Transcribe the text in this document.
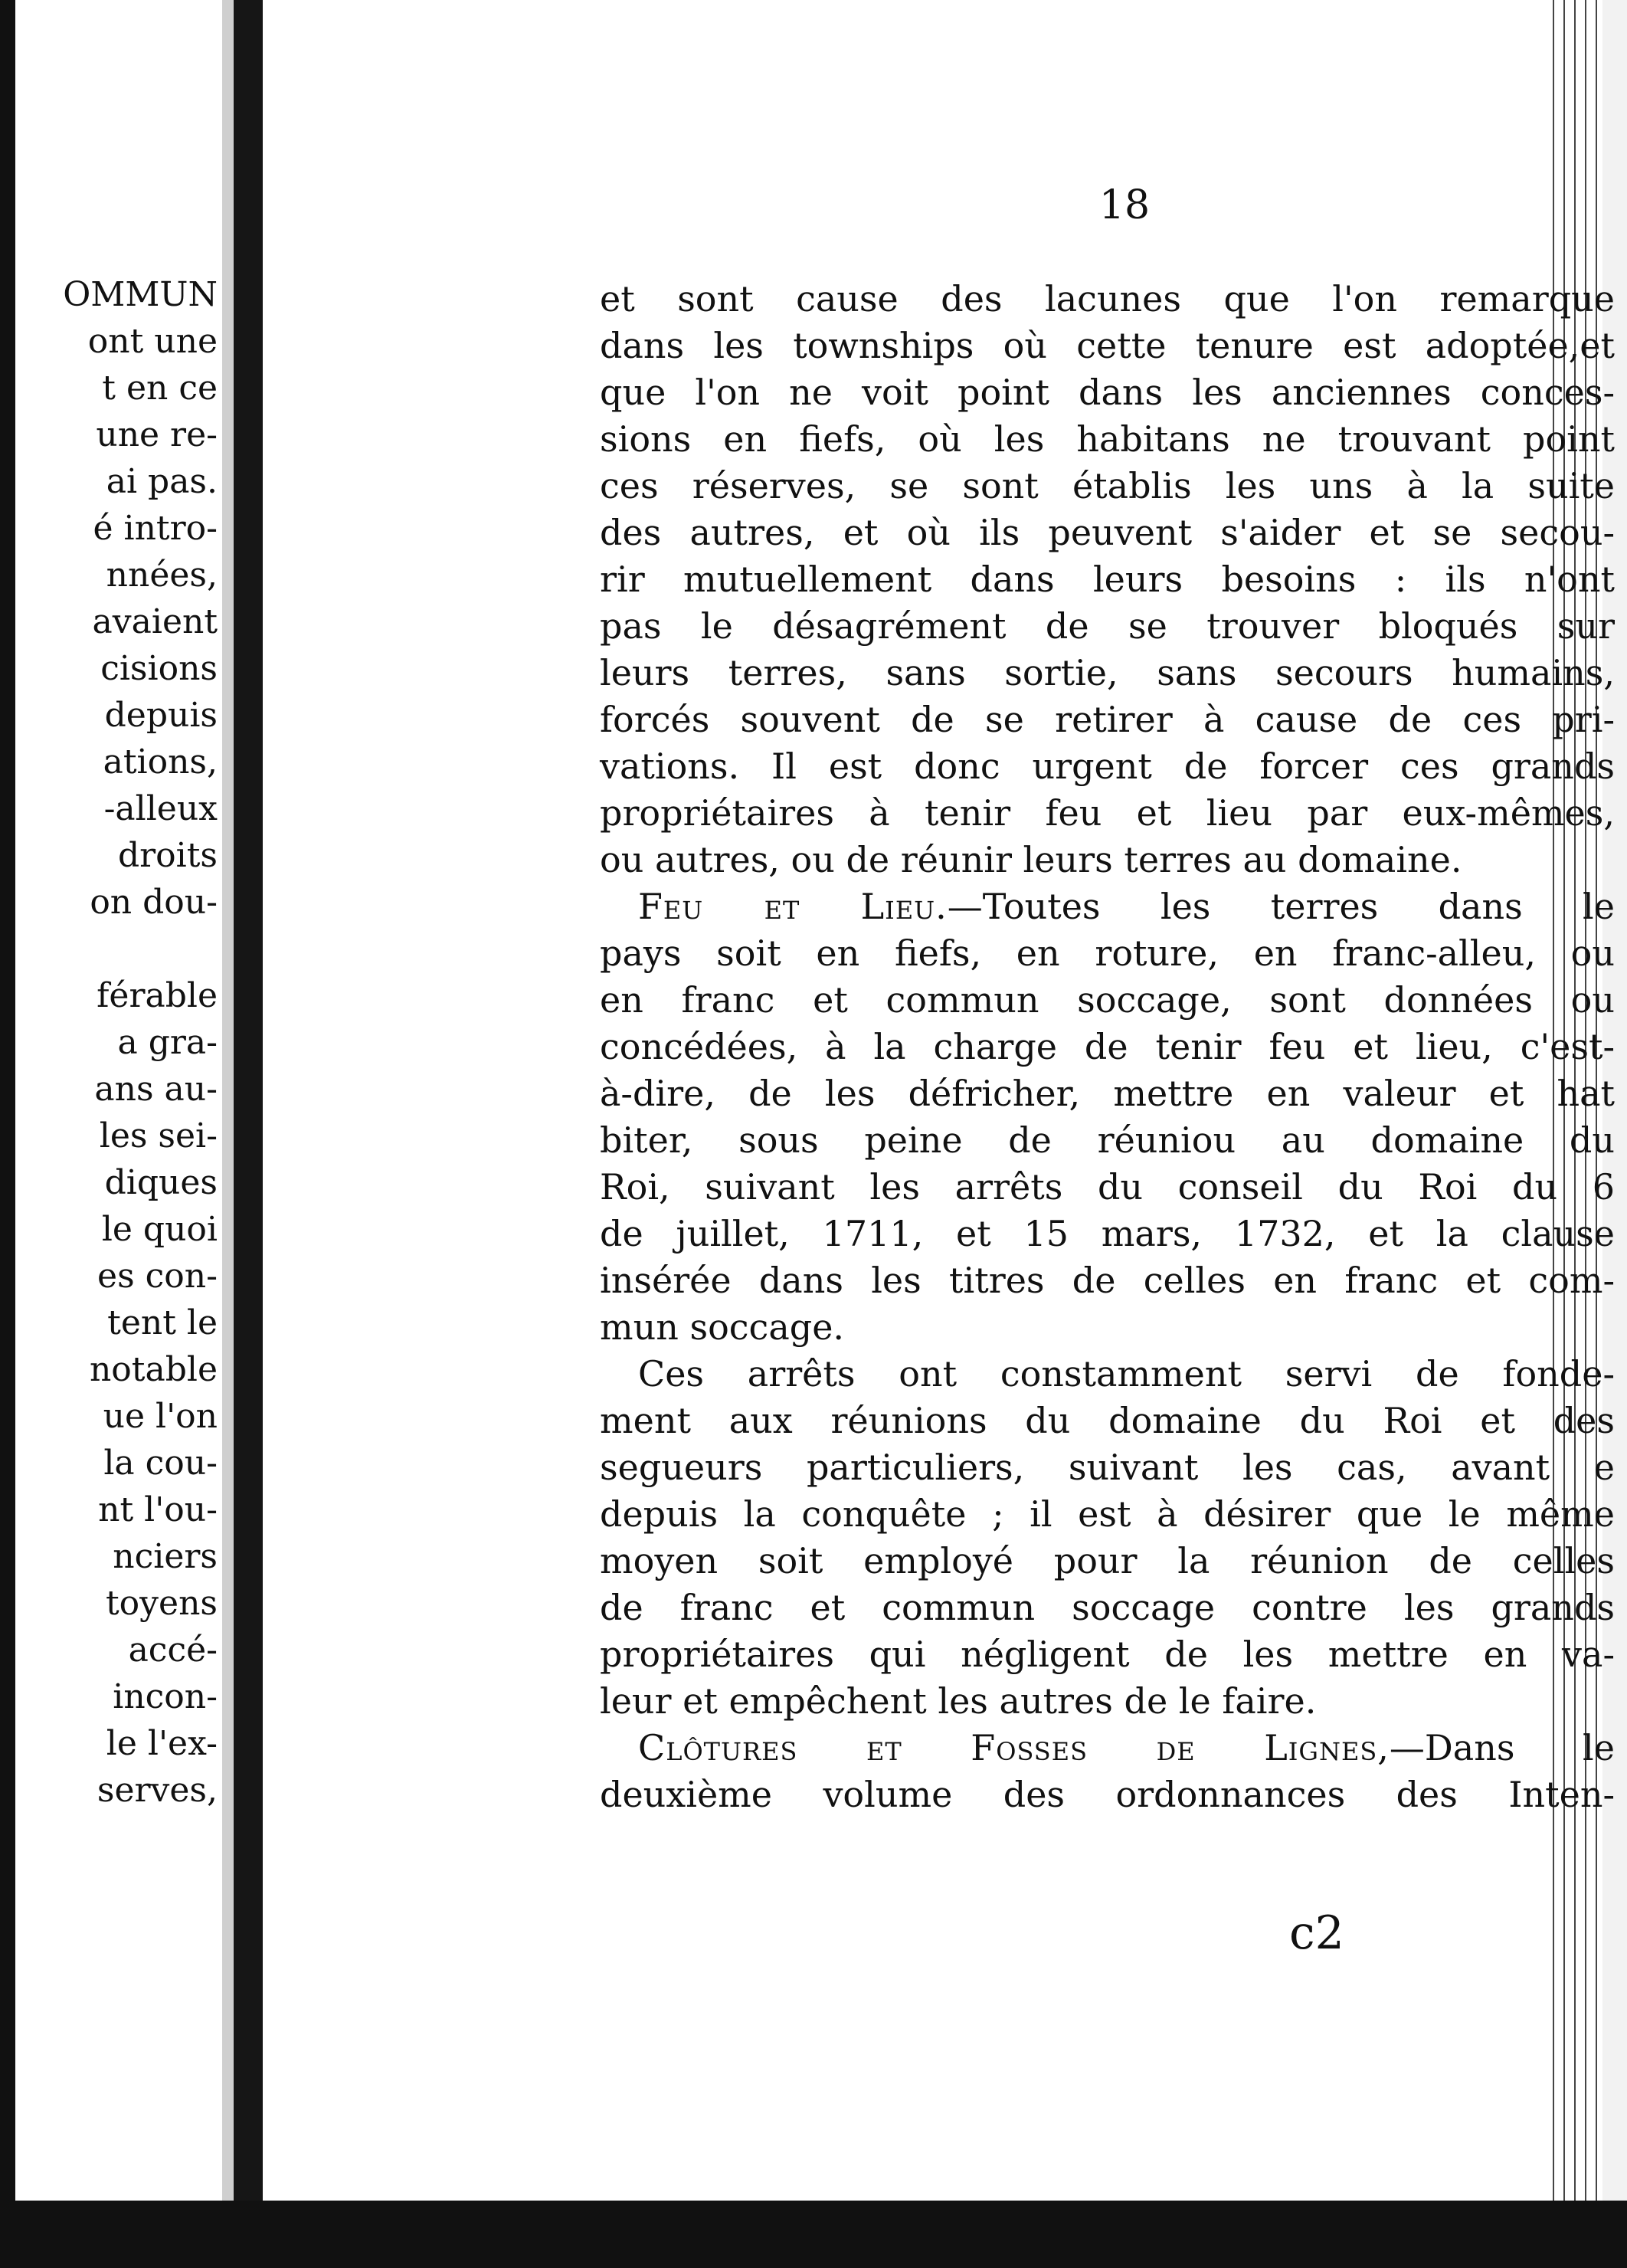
OMMUN

ont une

t en ce

une re-

ai pas.

é intro-

nnées,

avaient

cisions

depuis

ations,

-alleux

droits

on dou-

férable

a gra-

ans au-

les sei-

diques

le quoi

es con-

tent le

notable

ue l'on

la cou-

nt l'ou-

nciers

toyens

accé-

incon-

le l'ex-

serves,

18

et sont cause des lacunes que l'on remarque
dans les townships où cette tenure est adoptée,et
que l'on ne voit point dans les anciennes conces-
sions en fiefs, où les habitans ne trouvant point
ces réserves, se sont établis les uns à la suite
des autres, et où ils peuvent s'aider et se secou-
rir mutuellement dans leurs besoins : ils n'ont
pas le désagrément de se trouver bloqués sur
leurs terres, sans sortie, sans secours humains,
forcés souvent de se retirer à cause de ces pri-
vations. Il est donc urgent de forcer ces grands
propriétaires à tenir feu et lieu par eux-mêmes,
ou autres, ou de réunir leurs terres au domaine.
Feu et Lieu.—Toutes les terres dans le
pays soit en fiefs, en roture, en franc-alleu, ou
en franc et commun soccage, sont données ou
concédées, à la charge de tenir feu et lieu, c'est-
à-dire, de les défricher, mettre en valeur et hat
biter, sous peine de réuniou au domaine du
Roi, suivant les arrêts du conseil du Roi du 6
de juillet, 1711, et 15 mars, 1732, et la clause
insérée dans les titres de celles en franc et com-
mun soccage.
Ces arrêts ont constamment servi de fonde-
ment aux réunions du domaine du Roi et des
segueurs particuliers, suivant les cas, avant e
depuis la conquête ; il est à désirer que le même
moyen soit employé pour la réunion de celles
de franc et commun soccage contre les grands
propriétaires qui négligent de les mettre en va-
leur et empêchent les autres de le faire.
Clôtures et Fosses de Lignes,—Dans le
deuxième volume des ordonnances des Inten-

c2
